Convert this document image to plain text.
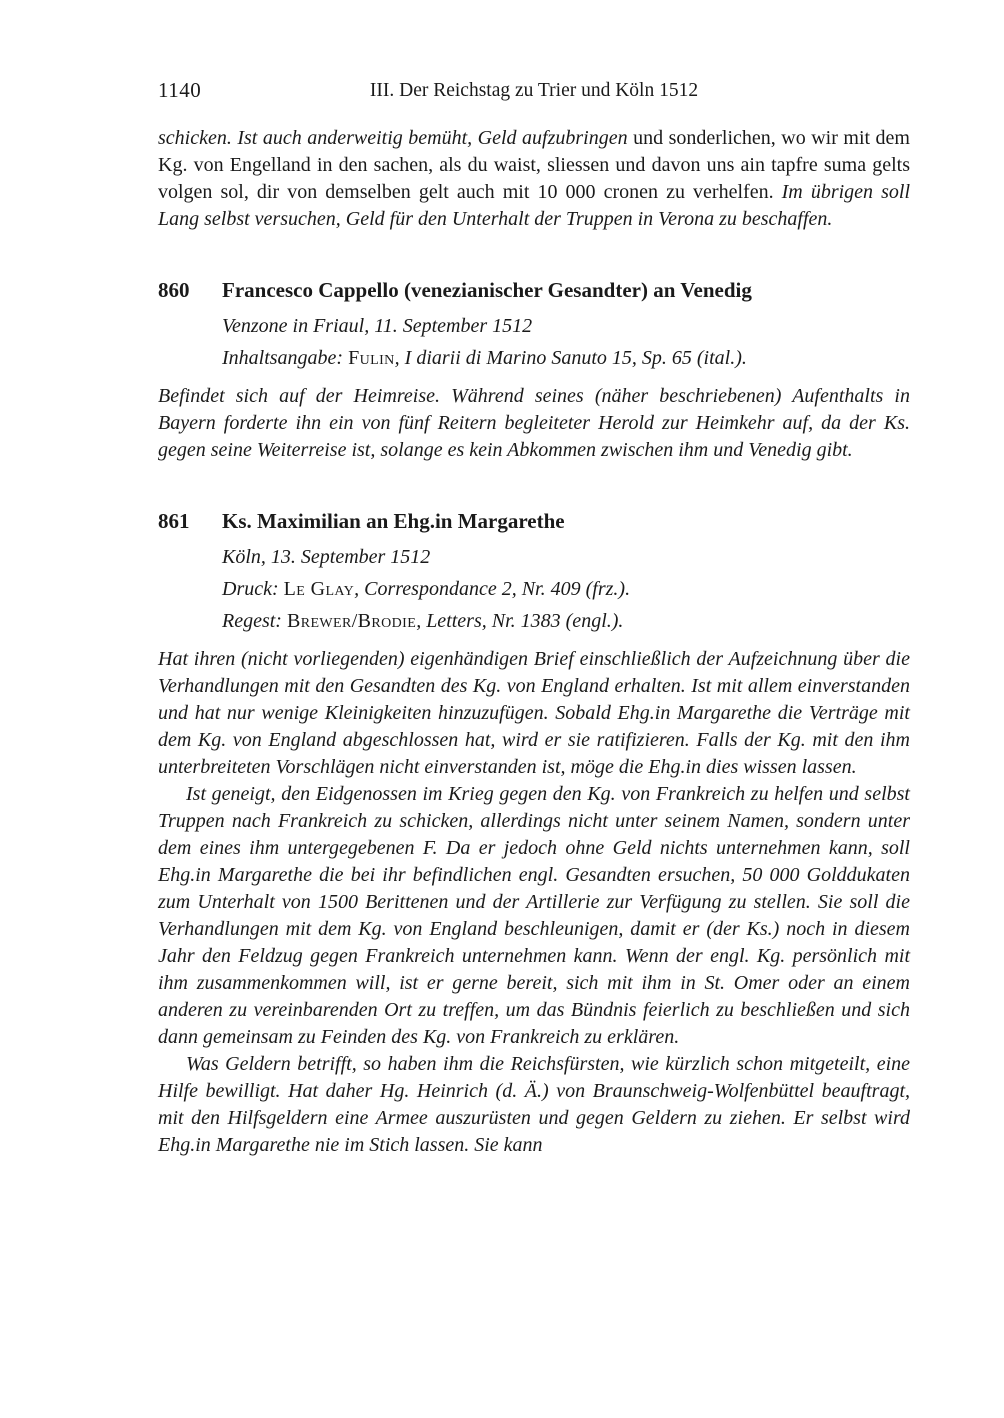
1140	III. Der Reichstag zu Trier und Köln 1512

schicken. Ist auch anderweitig bemüht, Geld aufzubringen und sonderlichen, wo wir mit dem Kg. von Engelland in den sachen, als du waist, sliessen und davon uns ain tapfre suma gelts volgen sol, dir von demselben gelt auch mit 10 000 cronen zu verhelfen. Im übrigen soll Lang selbst versuchen, Geld für den Unterhalt der Truppen in Verona zu beschaffen.

860	Francesco Cappello (venezianischer Gesandter) an Venedig
Venzone in Friaul, 11. September 1512
Inhaltsangabe: Fulin, I diarii di Marino Sanuto 15, Sp. 65 (ital.).

Befindet sich auf der Heimreise. Während seines (näher beschriebenen) Aufenthalts in Bayern forderte ihn ein von fünf Reitern begleiteter Herold zur Heimkehr auf, da der Ks. gegen seine Weiterreise ist, solange es kein Abkommen zwischen ihm und Venedig gibt.

861	Ks. Maximilian an Ehg.in Margarethe
Köln, 13. September 1512
Druck: Le Glay, Correspondance 2, Nr. 409 (frz.).
Regest: Brewer/Brodie, Letters, Nr. 1383 (engl.).

Hat ihren (nicht vorliegenden) eigenhändigen Brief einschließlich der Aufzeichnung über die Verhandlungen mit den Gesandten des Kg. von England erhalten. Ist mit allem einverstanden und hat nur wenige Kleinigkeiten hinzuzufügen. Sobald Ehg.in Margarethe die Verträge mit dem Kg. von England abgeschlossen hat, wird er sie ratifizieren. Falls der Kg. mit den ihm unterbreiteten Vorschlägen nicht einverstanden ist, möge die Ehg.in dies wissen lassen.

Ist geneigt, den Eidgenossen im Krieg gegen den Kg. von Frankreich zu helfen und selbst Truppen nach Frankreich zu schicken, allerdings nicht unter seinem Namen, sondern unter dem eines ihm untergegebenen F. Da er jedoch ohne Geld nichts unternehmen kann, soll Ehg.in Margarethe die bei ihr befindlichen engl. Gesandten ersuchen, 50 000 Golddukaten zum Unterhalt von 1500 Berittenen und der Artillerie zur Verfügung zu stellen. Sie soll die Verhandlungen mit dem Kg. von England beschleunigen, damit er (der Ks.) noch in diesem Jahr den Feldzug gegen Frankreich unternehmen kann. Wenn der engl. Kg. persönlich mit ihm zusammenkommen will, ist er gerne bereit, sich mit ihm in St. Omer oder an einem anderen zu vereinbarenden Ort zu treffen, um das Bündnis feierlich zu beschließen und sich dann gemeinsam zu Feinden des Kg. von Frankreich zu erklären.

Was Geldern betrifft, so haben ihm die Reichsfürsten, wie kürzlich schon mitgeteilt, eine Hilfe bewilligt. Hat daher Hg. Heinrich (d. Ä.) von Braunschweig-Wolfenbüttel beauftragt, mit den Hilfsgeldern eine Armee auszurüsten und gegen Geldern zu ziehen. Er selbst wird Ehg.in Margarethe nie im Stich lassen. Sie kann
